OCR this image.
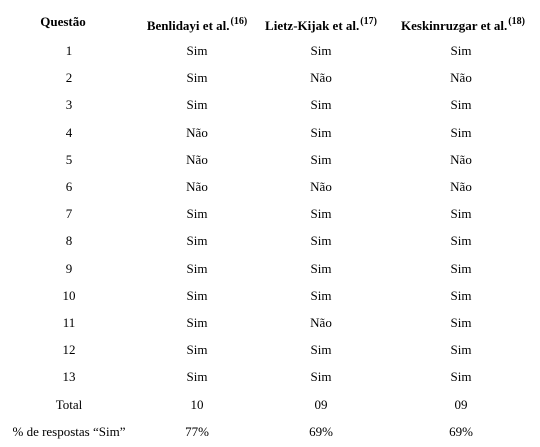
Questão	Benlidayi et al.$^{(16)}$	Lietz-Kijak et al.$^{(17)}$	Keskinruzgar et al.$^{(18)}$
1	Sim	Sim	Sim
2	Sim	Não	Não
3	Sim	Sim	Sim
4	Não	Sim	Sim
5	Não	Sim	Não
6	Não	Não	Não
7	Sim	Sim	Sim
8	Sim	Sim	Sim
9	Sim	Sim	Sim
10	Sim	Sim	Sim
11	Sim	Não	Sim
12	Sim	Sim	Sim
13	Sim	Sim	Sim
Total	10	09	09
% de respostas “Sim”	77%	69%	69%
